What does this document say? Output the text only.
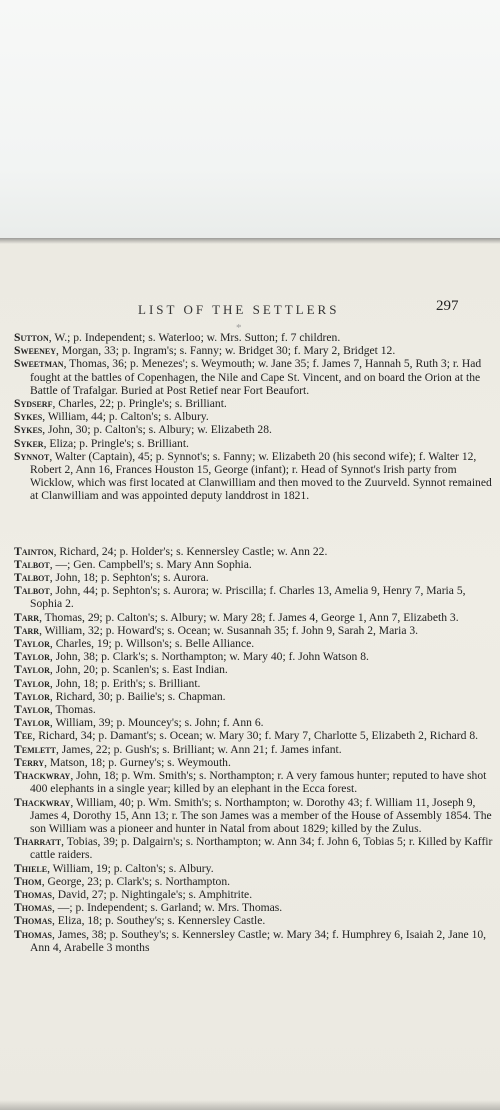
LIST OF THE SETTLERS	297
*

Sutton, W.; p. Independent; s. Waterloo; w. Mrs. Sutton; f. 7 children.

Sweeney, Morgan, 33; p. Ingram's; s. Fanny; w. Bridget 30; f. Mary 2, Bridget 12.

Sweetman, Thomas, 36; p. Menezes'; s. Weymouth; w. Jane 35; f. James 7, Hannah 5, Ruth 3; r. Had fought at the battles of Copenhagen, the Nile and Cape St. Vincent, and on board the Orion at the Battle of Trafalgar. Buried at Post Retief near Fort Beaufort.

Sydserf, Charles, 22; p. Pringle's; s. Brilliant.

Sykes, William, 44; p. Calton's; s. Albury.

Sykes, John, 30; p. Calton's; s. Albury; w. Elizabeth 28.

Syker, Eliza; p. Pringle's; s. Brilliant.

Synnot, Walter (Captain), 45; p. Synnot's; s. Fanny; w. Elizabeth 20 (his second wife); f. Walter 12, Robert 2, Ann 16, Frances Houston 15, George (infant); r. Head of Synnot's Irish party from Wicklow, which was first located at Clanwilliam and then moved to the Zuurveld. Synnot remained at Clanwilliam and was appointed deputy landdrost in 1821.

Tainton, Richard, 24; p. Holder's; s. Kennersley Castle; w. Ann 22.

Talbot, —; Gen. Campbell's; s. Mary Ann Sophia.

Talbot, John, 18; p. Sephton's; s. Aurora.

Talbot, John, 44; p. Sephton's; s. Aurora; w. Priscilla; f. Charles 13, Amelia 9, Henry 7, Maria 5, Sophia 2.

Tarr, Thomas, 29; p. Calton's; s. Albury; w. Mary 28; f. James 4, George 1, Ann 7, Elizabeth 3.

Tarr, William, 32; p. Howard's; s. Ocean; w. Susannah 35; f. John 9, Sarah 2, Maria 3.

Taylor, Charles, 19; p. Willson's; s. Belle Alliance.

Taylor, John, 38; p. Clark's; s. Northampton; w. Mary 40; f. John Watson 8.

Taylor, John, 20; p. Scanlen's; s. East Indian.

Taylor, John, 18; p. Erith's; s. Brilliant.

Taylor, Richard, 30; p. Bailie's; s. Chapman.

Taylor, Thomas.

Taylor, William, 39; p. Mouncey's; s. John; f. Ann 6.

Tee, Richard, 34; p. Damant's; s. Ocean; w. Mary 30; f. Mary 7, Charlotte 5, Elizabeth 2, Richard 8.

Temlett, James, 22; p. Gush's; s. Brilliant; w. Ann 21; f. James infant.

Terry, Matson, 18; p. Gurney's; s. Weymouth.

Thackwray, John, 18; p. Wm. Smith's; s. Northampton; r. A very famous hunter; reputed to have shot 400 elephants in a single year; killed by an elephant in the Ecca forest.

Thackwray, William, 40; p. Wm. Smith's; s. Northampton; w. Dorothy 43; f. William 11, Joseph 9, James 4, Dorothy 15, Ann 13; r. The son James was a member of the House of Assembly 1854. The son William was a pioneer and hunter in Natal from about 1829; killed by the Zulus.

Tharratt, Tobias, 39; p. Dalgairn's; s. Northampton; w. Ann 34; f. John 6, Tobias 5; r. Killed by Kaffir cattle raiders.

Thiele, William, 19; p. Calton's; s. Albury.

Thom, George, 23; p. Clark's; s. Northampton.

Thomas, David, 27; p. Nightingale's; s. Amphitrite.

Thomas, —; p. Independent; s. Garland; w. Mrs. Thomas.

Thomas, Eliza, 18; p. Southey's; s. Kennersley Castle.

Thomas, James, 38; p. Southey's; s. Kennersley Castle; w. Mary 34; f. Humphrey 6, Isaiah 2, Jane 10, Ann 4, Arabelle 3 months
